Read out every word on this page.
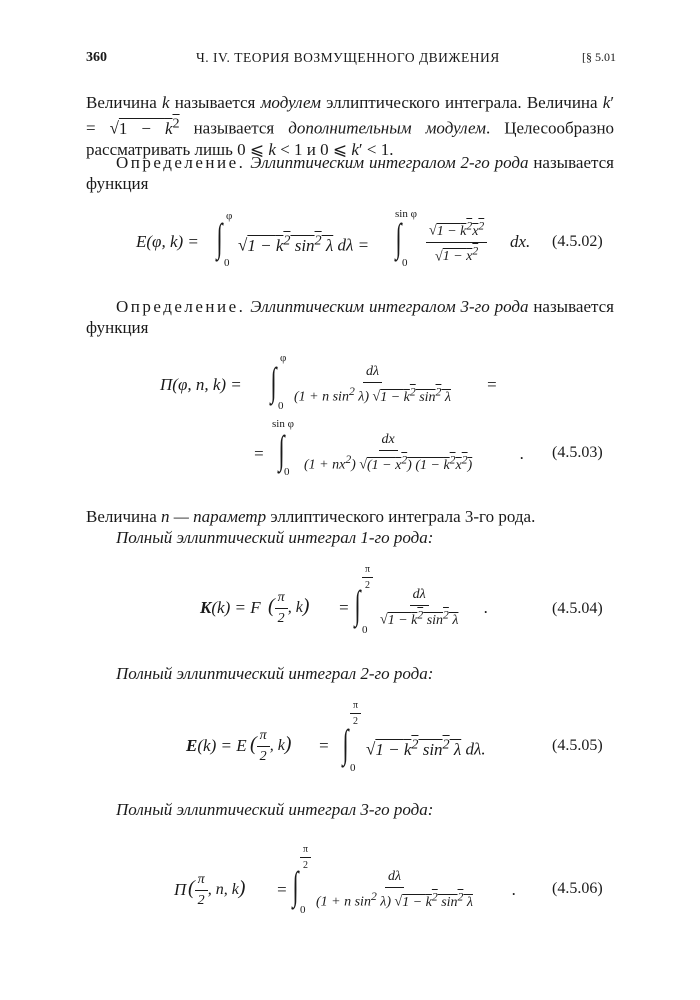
360	Ч. IV. ТЕОРИЯ ВОЗМУЩЕННОГО ДВИЖЕНИЯ	[§ 5.01
Величина k называется модулем эллиптического интеграла. Величина $k' = √1 - k^2$ называется дополнительным модулем. Целесообразно рассматривать лишь 0 ⩽ k < 1 и 0 ⩽ k′ < 1.
Определение. Эллиптическим интегралом 2-го рода называется функция
E(φ, k) = ∫ φ
0
$√1 - k^2$ $\sin^2 \lambda$ dλ = ∫
sin φ
$0 \frac{√1 - k^2x^2}{√1 - x^2}$ dx. (4.5.02)
Определение. Эллиптическим интегралом 3-го рода называется функция
Π(φ, n, k) = ∫
φ
0
$\frac{d\lambda}{(1 + n \sin^2 \lambda) √1 - k^2 \sin^2 \lambda}$ =
= ∫
sin φ
$0 \frac{dx}{(1 + nx^2) √(1 - x^2) (1 - k^2x^2)}$	. (4.5.03)
Величина n — параметр эллиптического интеграла 3-го рода.
Полный эллиптический интеграл 1-го рода:
K(k) = F ( $\frac{\pi}{2}$ , k) = ∫
$\frac{\pi}{2}$
0
$\frac{d\lambda}{√1 - k^2 \sin^2 \lambda}$ .	(4.5.04)
Полный эллиптический интеграл 2-го рода:
E(k) = E ( $\frac{\pi}{2}$ , k) = ∫
$\frac{\pi}{2}$
0
$√1 - k^2$ $\sin^2 \lambda$ dλ.	(4.5.05)
Полный эллиптический интеграл 3-го рода:
Π ( $\frac{\pi}{2}$ , n, k) = ∫
$\frac{\pi}{2}$
$0 \frac{d\lambda}{(1 + n \sin^2 \lambda) √1 - k^2 \sin^2 \lambda}$ . (4.5.06)
